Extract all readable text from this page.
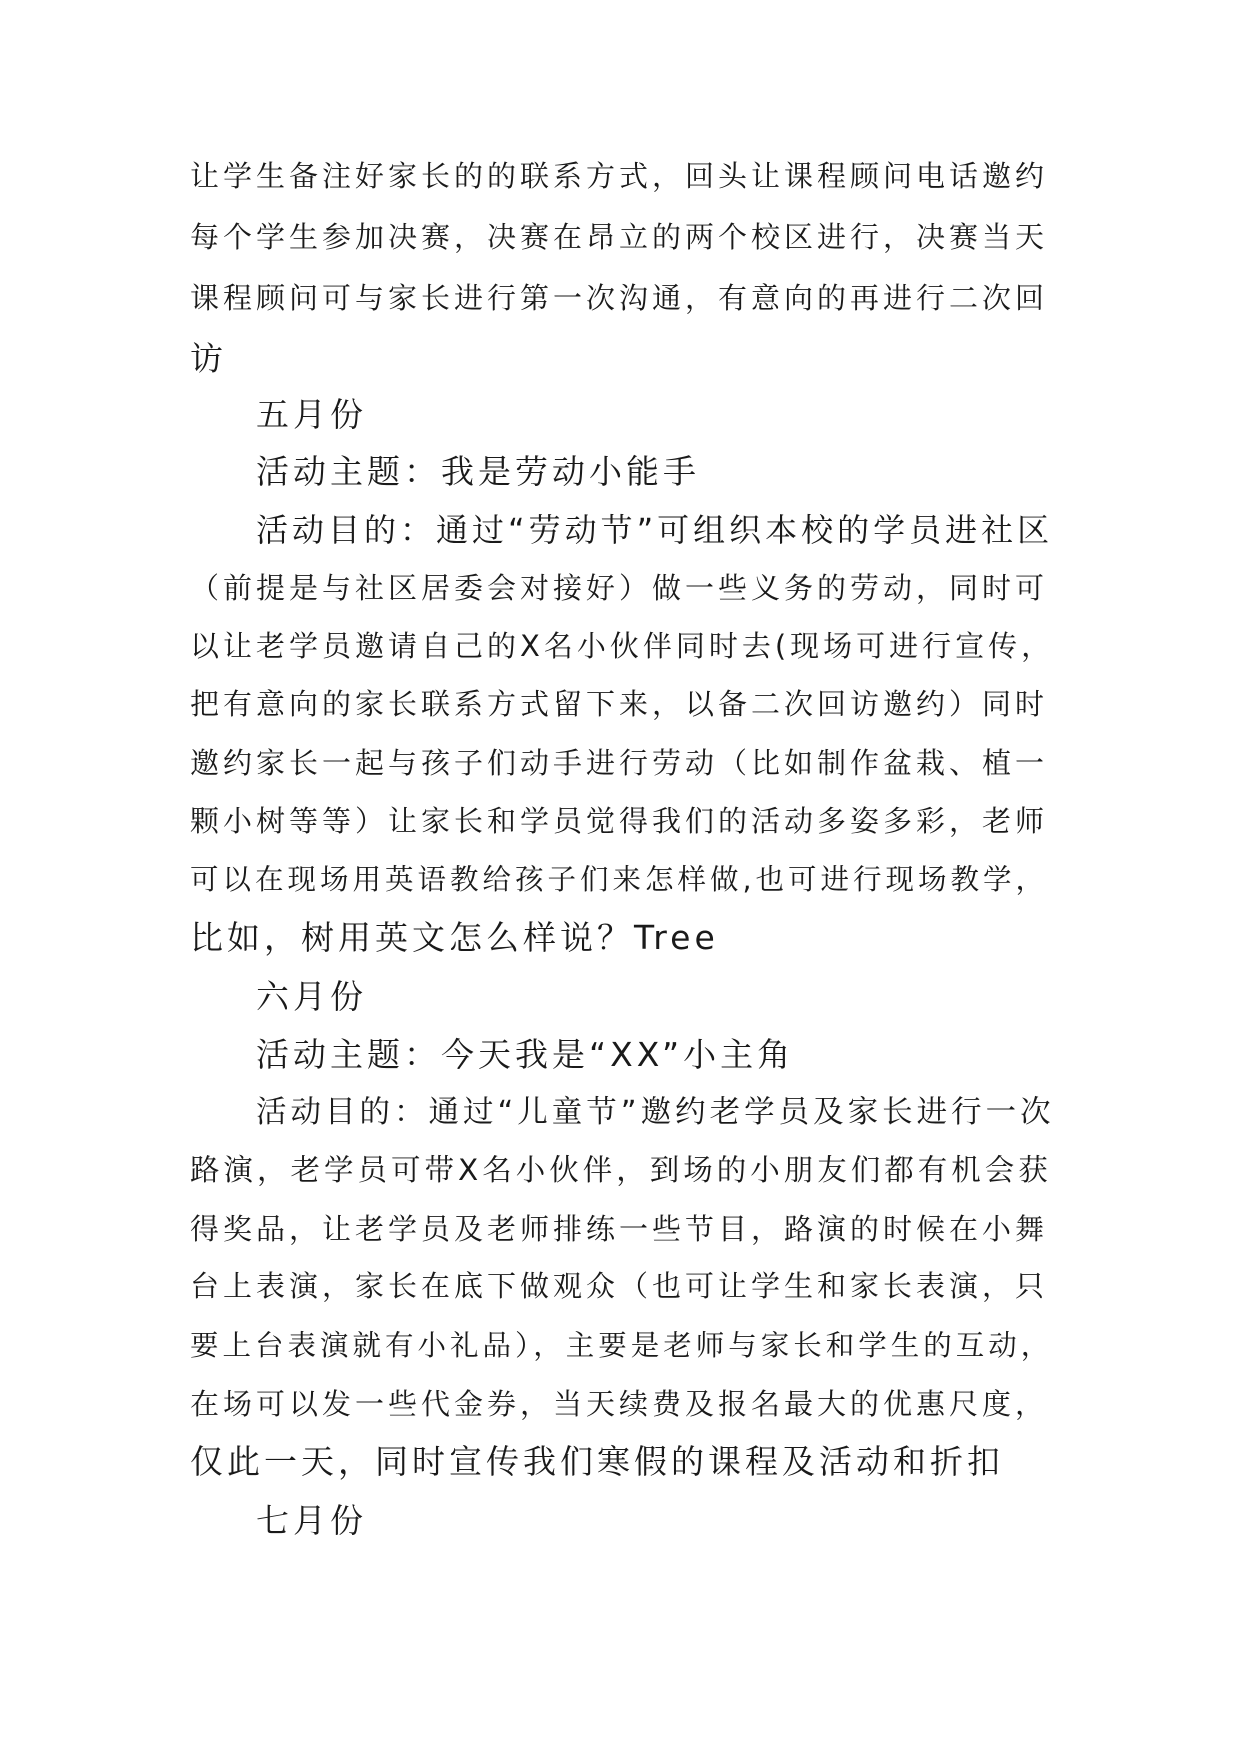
让学生备注好家长的的联系方式，回头让课程顾问电话邀约
每个学生参加决赛，决赛在昂立的两个校区进行，决赛当天
课程顾问可与家长进行第一次沟通，有意向的再进行二次回
访
五月份
活动主题：我是劳动小能手
活动目的：通过“劳动节”可组织本校的学员进社区
（前提是与社区居委会对接好）做一些义务的劳动，同时可
以让老学员邀请自己的X名小伙伴同时去(现场可进行宣传，
把有意向的家长联系方式留下来，以备二次回访邀约）同时
邀约家长一起与孩子们动手进行劳动（比如制作盆栽、植一
颗小树等等）让家长和学员觉得我们的活动多姿多彩，老师
可以在现场用英语教给孩子们来怎样做,也可进行现场教学，
比如，树用英文怎么样说？Tree
六月份
活动主题：今天我是“XX”小主角
活动目的：通过“儿童节”邀约老学员及家长进行一次
路演，老学员可带X名小伙伴，到场的小朋友们都有机会获
得奖品，让老学员及老师排练一些节目，路演的时候在小舞
台上表演，家长在底下做观众（也可让学生和家长表演，只
要上台表演就有小礼品），主要是老师与家长和学生的互动，
在场可以发一些代金券，当天续费及报名最大的优惠尺度，
仅此一天，同时宣传我们寒假的课程及活动和折扣
七月份
